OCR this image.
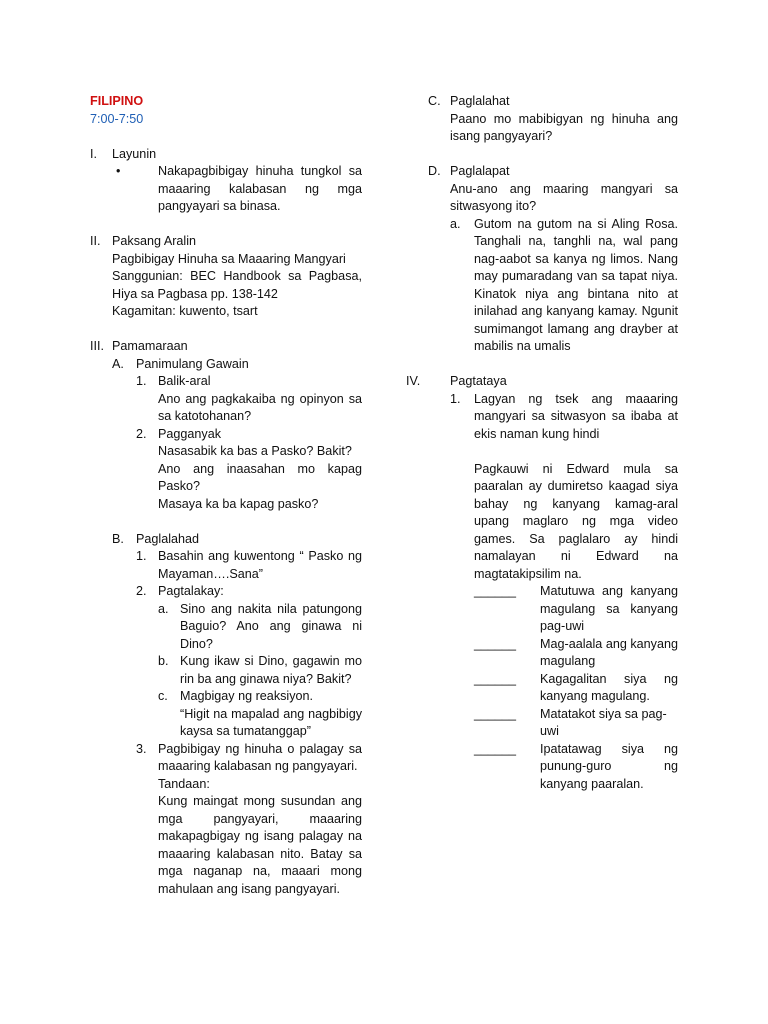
FILIPINO
7:00-7:50
I.	Layunin
•	Nakapagbibigay hinuha tungkol sa maaaring kalabasan ng mga pangyayari sa binasa.
II. Paksang Aralin
Pagbibigay Hinuha sa Maaaring Mangyari
Sanggunian: BEC Handbook sa Pagbasa, Hiya sa Pagbasa pp. 138-142
Kagamitan: kuwento, tsart
III. Pamamaraan
A. Panimulang Gawain
1. Balik-aral
Ano ang pagkakaiba ng opinyon sa sa katotohanan?
2. Pagganyak
Nasasabik ka bas a Pasko? Bakit?
Ano ang inaasahan mo kapag Pasko?
Masaya ka ba kapag pasko?
B. Paglalahad
1. Basahin ang kuwentong “ Pasko ng Mayaman….Sana”
2. Pagtalakay:
a. Sino ang nakita nila patungong Baguio? Ano ang ginawa ni Dino?
b. Kung ikaw si Dino, gagawin mo rin ba ang ginawa niya? Bakit?
c. Magbigay ng reaksiyon.
“Higit na mapalad ang nagbibigy kaysa sa tumatanggap”
3. Pagbibigay ng hinuha o palagay sa maaaring kalabasan ng pangyayari.
Tandaan:
Kung maingat mong susundan ang mga pangyayari, maaaring makapagbigay ng isang palagay na maaaring kalabasan nito. Batay sa mga naganap na, maaari mong mahulaan ang isang pangyayari.
C. Paglalahat
Paano mo mabibigyan ng hinuha ang isang pangyayari?
D. Paglalapat
Anu-ano ang maaring mangyari sa sitwasyong ito?
a.	Gutom na gutom na si Aling Rosa. Tanghali na, tanghli na, wal pang nag-aabot sa kanya ng limos. Nang may pumaradang van sa tapat niya. Kinatok niya ang bintana nito at inilahad ang kanyang kamay. Ngunit sumimangot lamang ang drayber at mabilis na umalis
IV.	Pagtataya
1.	Lagyan ng tsek ang maaaring mangyari sa sitwasyon sa ibaba at ekis naman kung hindi
Pagkauwi ni Edward mula sa paaralan ay dumiretso kaagad siya bahay ng kanyang kamag-aral upang maglaro ng mga video games. Sa paglalaro ay hindi namalayan ni Edward na magtatakipsilim na.
______	Matutuwa ang kanyang magulang sa kanyang pag-uwi
______	Mag-aalala ang kanyang magulang
______	Kagagalitan siya ng kanyang magulang.
______	Matatakot siya sa pag-uwi
______	Ipatatawag siya ng punung-guro ng kanyang paaralan.
